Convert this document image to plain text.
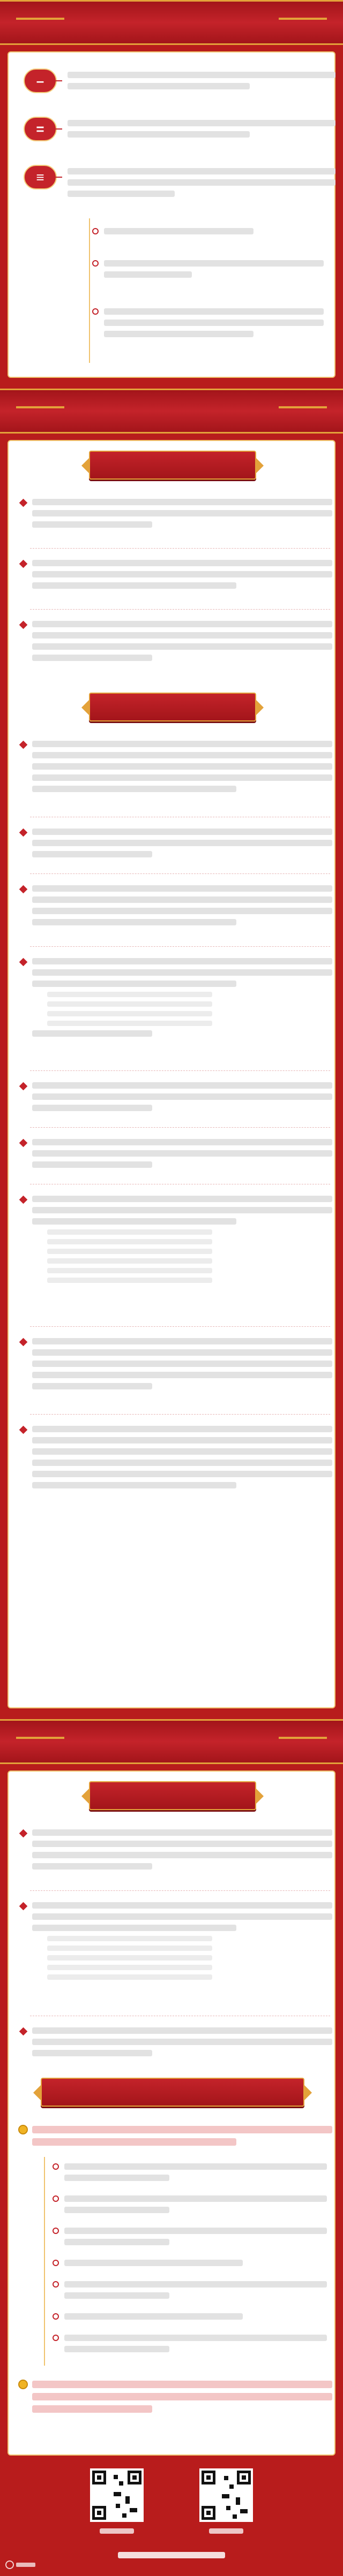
–
=
≡
